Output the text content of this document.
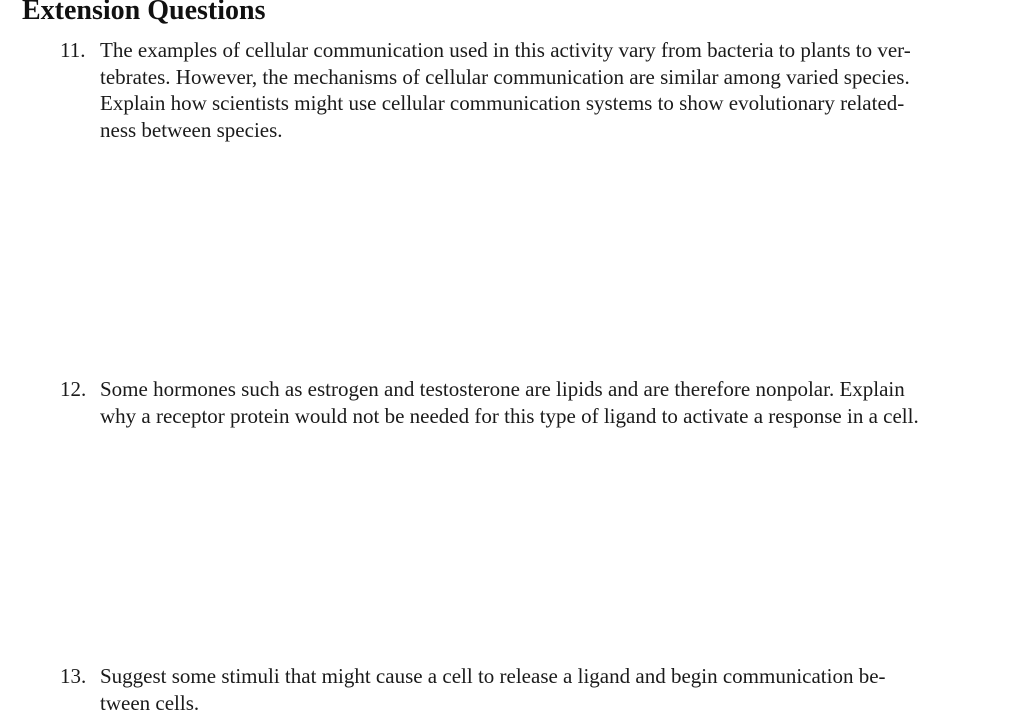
Extension Questions
11. The examples of cellular communication used in this activity vary from bacteria to plants to ver-
tebrates. However, the mechanisms of cellular communication are similar among varied species.
Explain how scientists might use cellular communication systems to show evolutionary related-
ness between species.
12. Some hormones such as estrogen and testosterone are lipids and are therefore nonpolar. Explain
why a receptor protein would not be needed for this type of ligand to activate a response in a cell.
13. Suggest some stimuli that might cause a cell to release a ligand and begin communication be-
tween cells.
